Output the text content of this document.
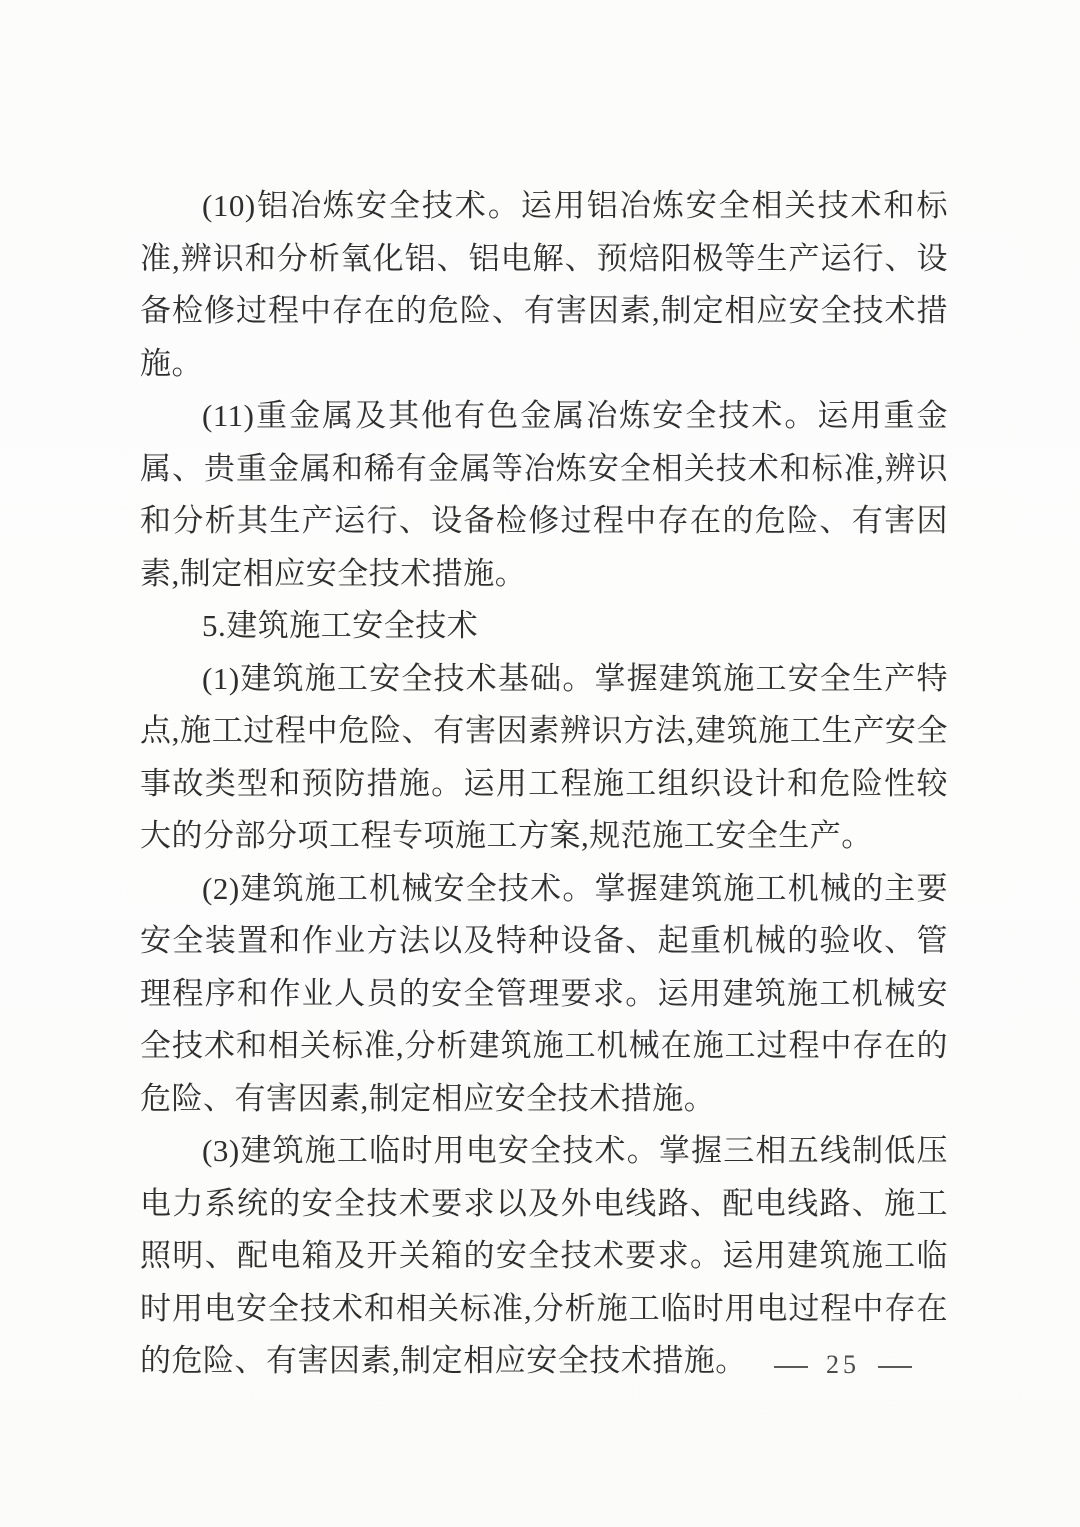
(10)铝冶炼安全技术。运用铝冶炼安全相关技术和标准,辨识和分析氧化铝、铝电解、预焙阳极等生产运行、设备检修过程中存在的危险、有害因素,制定相应安全技术措施。

(11)重金属及其他有色金属冶炼安全技术。运用重金属、贵重金属和稀有金属等冶炼安全相关技术和标准,辨识和分析其生产运行、设备检修过程中存在的危险、有害因素,制定相应安全技术措施。

5.建筑施工安全技术

(1)建筑施工安全技术基础。掌握建筑施工安全生产特点,施工过程中危险、有害因素辨识方法,建筑施工生产安全事故类型和预防措施。运用工程施工组织设计和危险性较大的分部分项工程专项施工方案,规范施工安全生产。

(2)建筑施工机械安全技术。掌握建筑施工机械的主要安全装置和作业方法以及特种设备、起重机械的验收、管理程序和作业人员的安全管理要求。运用建筑施工机械安全技术和相关标准,分析建筑施工机械在施工过程中存在的危险、有害因素,制定相应安全技术措施。

(3)建筑施工临时用电安全技术。掌握三相五线制低压电力系统的安全技术要求以及外电线路、配电线路、施工照明、配电箱及开关箱的安全技术要求。运用建筑施工临时用电安全技术和相关标准,分析施工临时用电过程中存在的危险、有害因素,制定相应安全技术措施。	25
